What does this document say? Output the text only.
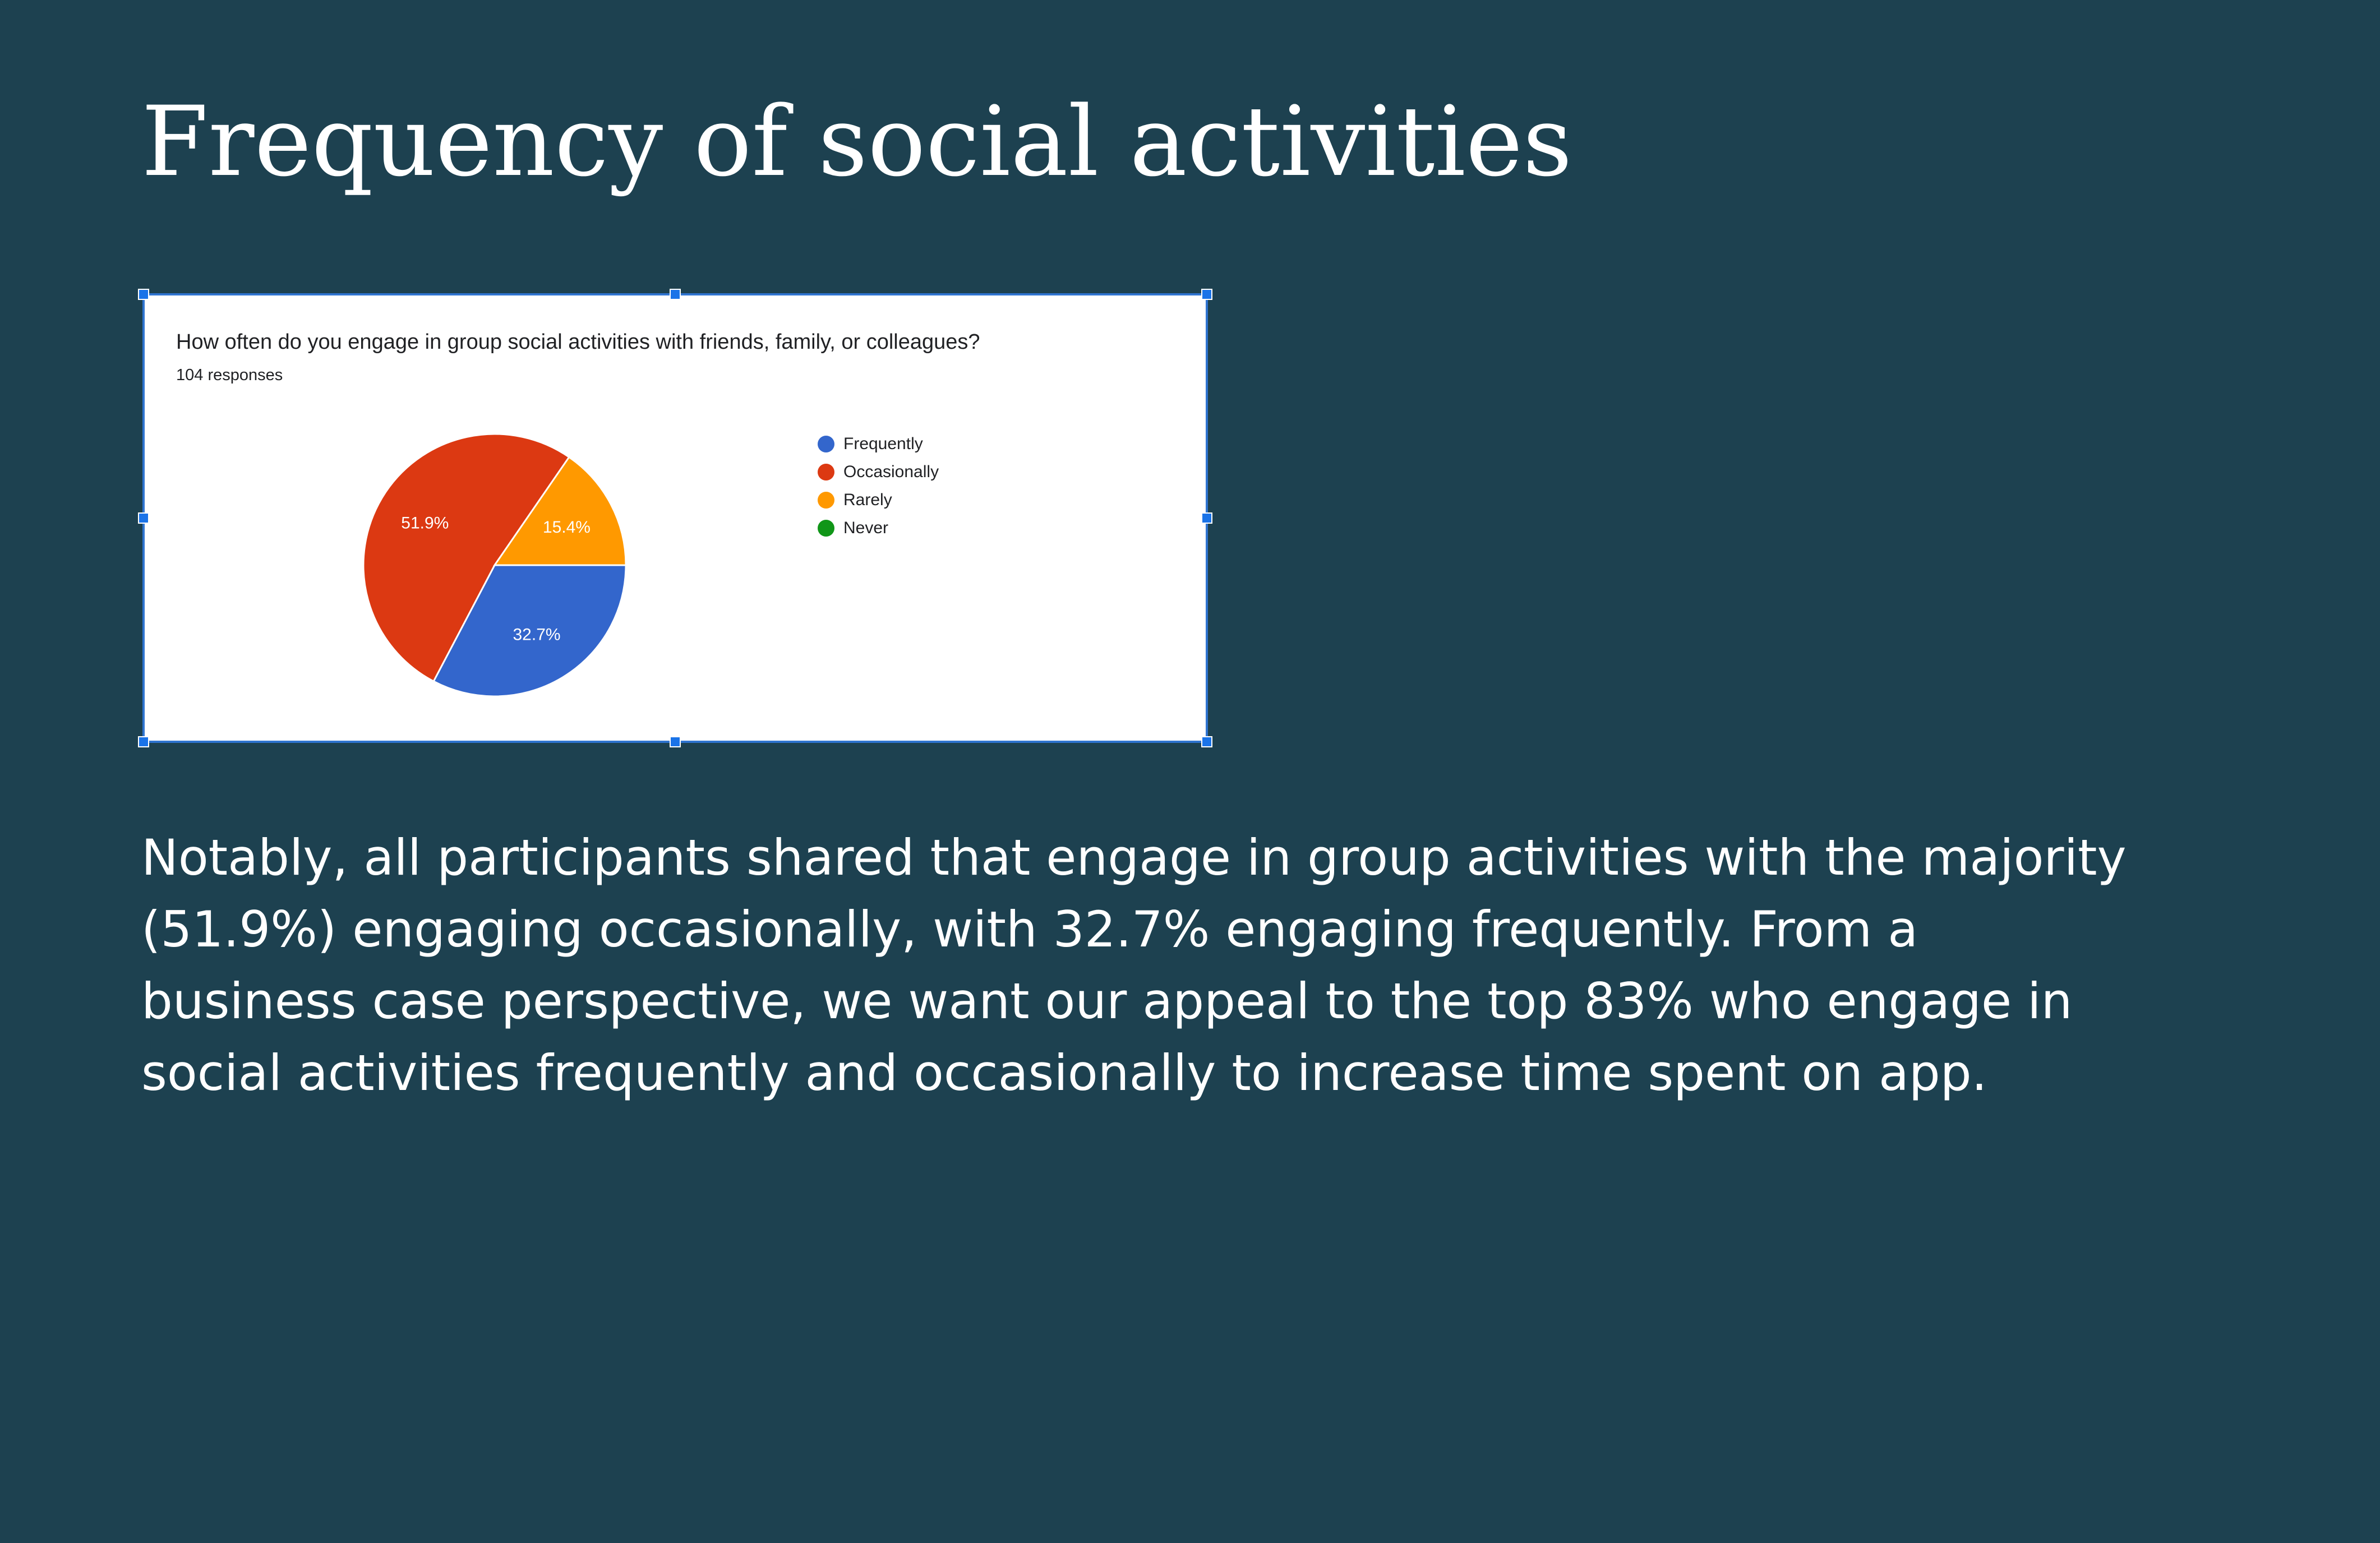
Frequency of social activities
How often do you engage in group social activities with friends, family, or colleagues?
104 responses
32.7%
51.9%	15.4%
Frequently
Occasionally
Rarely
Never

Notably, all participants shared that engage in group activities with the majority (51.9%) engaging occasionally, with 32.7% engaging frequently. From a business case perspective, we want our appeal to the top 83% who engage in social activities frequently and occasionally to increase time spent on app.
